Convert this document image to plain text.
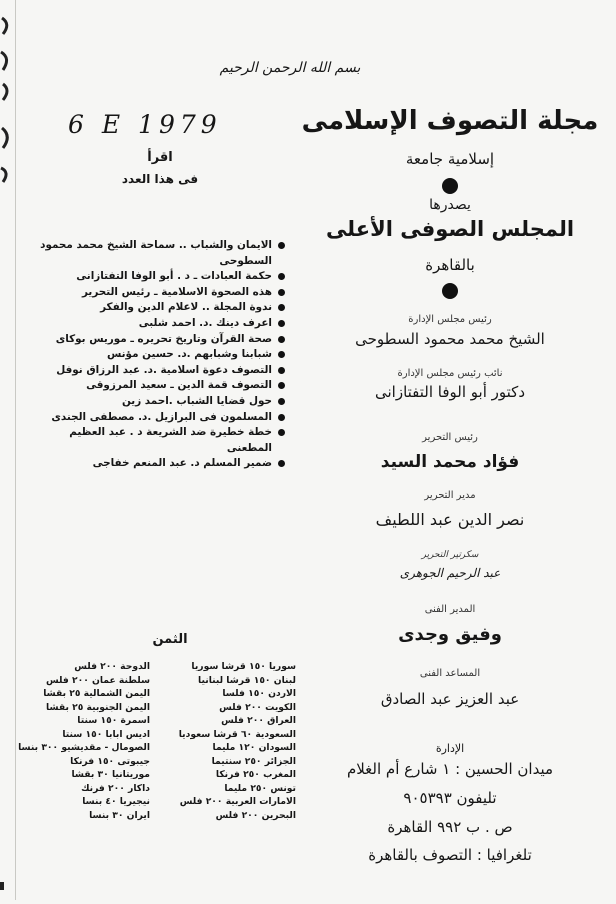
بسم الله الرحمن الرحيم
6 E 1979	مجلة التصوف الإسلامى
إسلامية جامعة
يصدرها
المجلس الصوفى الأعلى
بالقاهرة
رئيس مجلس الإدارة
الشيخ محمد محمود السطوحى
نائب رئيس مجلس الإدارة
دكتور أبو الوفا التفتازانى
رئيس التحرير
فؤاد محمد السيد
مدير التحرير
نصر الدين عبد اللطيف
سكرتير التحرير
عبد الرحيم الجوهرى
المدير الفنى
وفيق وجدى
المساعد الفنى
عبد العزيز عبد الصادق
الإدارة
ميدان الحسين : ١ شارع أم الغلام
تليفون ٩٠٥٣٩٣
ص . ب ٩٩٢ القاهرة
تلغرافيا : التصوف بالقاهرة
اقرأ
فى هذا العدد
الايمان والشباب .. سماحة الشيخ محمد محمود السطوحى
حكمة العبادات ـ د . أبو الوفا التفتازانى
هذه الصحوة الاسلامية ـ رئيس التحرير
ندوة المجلة .. لاعلام الدين والفكر
اعرف دينك .د. احمد شلبى
صحة القرآن وتاريخ تحريره ـ موريس بوكاى
شبابنا وشبابهم .د. حسين مؤنس
التصوف دعوة اسلامية .د. عبد الرزاق نوفل
التصوف قمة الدين ـ سعيد المرزوقى
حول قضايا الشباب .احمد زين
المسلمون فى البرازيل .د. مصطفى الجندى
خطة خطيرة ضد الشريعة د . عبد العظيم المطعنى
ضمير المسلم د. عبد المنعم خفاجى
الثمن
سوريا ١٥٠ قرشا سوريا
لبنان ١٥٠ قرشا لبنانيا
الاردن ١٥٠ فلسا
الكويت ٢٠٠ فلس
العراق ٢٠٠ فلس
السعودية ٦٠ قرشا سعوديا
السودان ١٢٠ مليما
الجزائر ٢٥٠ سنتيما
المغرب ٢٥٠ فرنكا
تونس ٢٥٠ مليما
الامارات العربية ٢٠٠ فلس
البحرين ٢٠٠ فلس
الدوحة ٢٠٠ فلس
سلطنة عمان ٢٠٠ فلس
اليمن الشمالية ٢٥ بقشا
اليمن الجنوبية ٢٥ بقشا
اسمرة ١٥٠ سنتا
اديس ابابا ١٥٠ سنتا
الصومال - مقديشيو ٣٠٠ بنسا
جيبوتى ١٥٠ فرنكا
موريتانيا ٣٠ بقشا
داكار ٢٠٠ فرنك
نيجيريا ٤٠ بنسا
ايران ٣٠ بنسا
